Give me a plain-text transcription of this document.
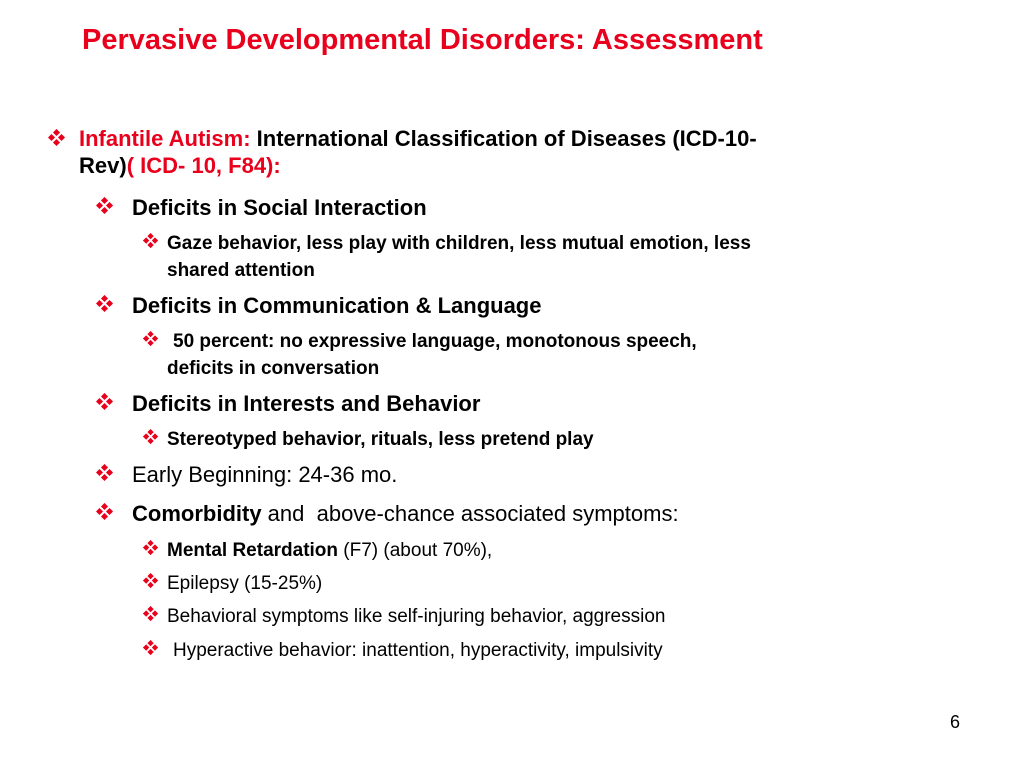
Pervasive Developmental Disorders: Assessment
Infantile Autism: International Classification of Diseases (ICD-10-
Rev)( ICD- 10, F84):
Deficits in Social Interaction
Gaze behavior, less play with children, less mutual emotion, less
shared attention
Deficits in Communication & Language
50 percent: no expressive language, monotonous speech,
deficits in conversation
Deficits in Interests and Behavior
Stereotyped behavior, rituals, less pretend play
Early Beginning: 24-36 mo.
Comorbidity and  above-chance associated symptoms:
Mental Retardation (F7) (about 70%),
Epilepsy (15-25%)
Behavioral symptoms like self-injuring behavior, aggression
Hyperactive behavior: inattention, hyperactivity, impulsivity
6
